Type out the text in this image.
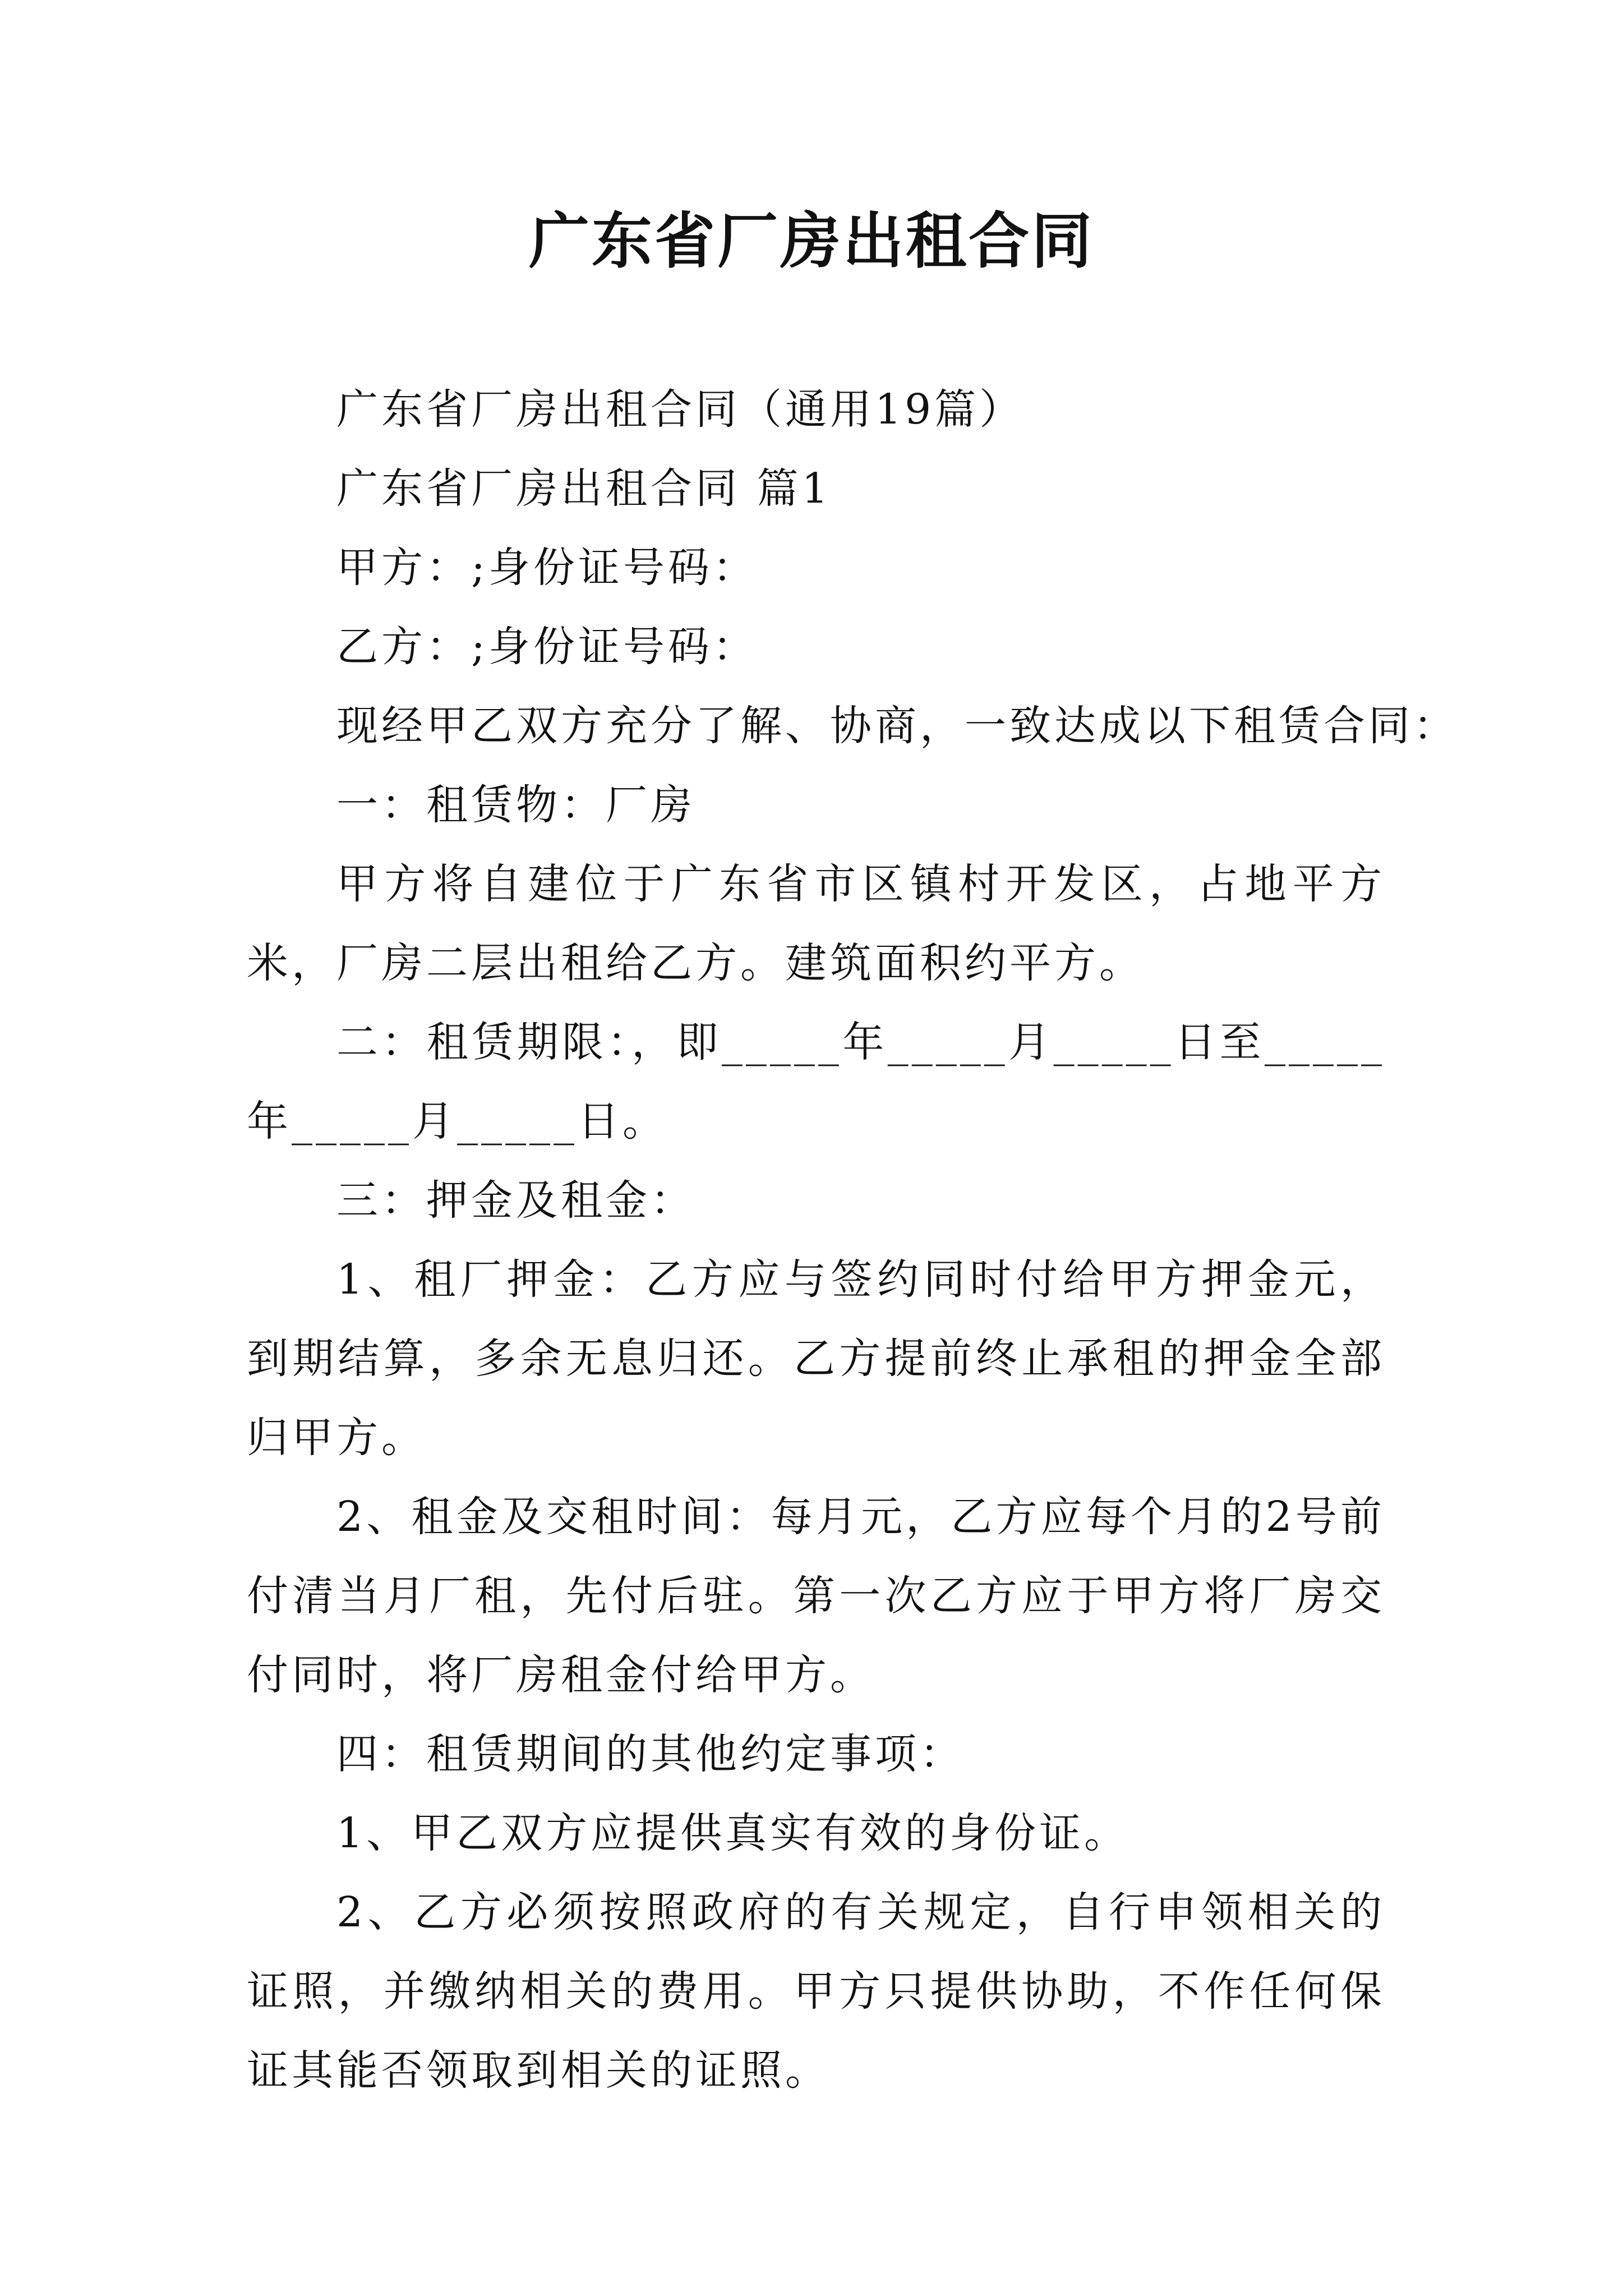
广东省厂房出租合同

广东省厂房出租合同（通用19篇）

广东省厂房出租合同 篇1

甲方：;身份证号码：

乙方：;身份证号码：

现经甲乙双方充分了解、协商，一致达成以下租赁合同：

一：租赁物：厂房

甲方将自建位于广东省市区镇村开发区，占地平方米，厂房二层出租给乙方。建筑面积约平方。

二：租赁期限：，即_____年_____月_____日至_____年_____月_____日。

三：押金及租金：

1、租厂押金：乙方应与签约同时付给甲方押金元，到期结算，多余无息归还。乙方提前终止承租的押金全部归甲方。

2、租金及交租时间：每月元，乙方应每个月的2号前付清当月厂租，先付后驻。第一次乙方应于甲方将厂房交付同时，将厂房租金付给甲方。

四：租赁期间的其他约定事项：

1、甲乙双方应提供真实有效的身份证。

2、乙方必须按照政府的有关规定，自行申领相关的证照，并缴纳相关的费用。甲方只提供协助，不作任何保证其能否领取到相关的证照。
